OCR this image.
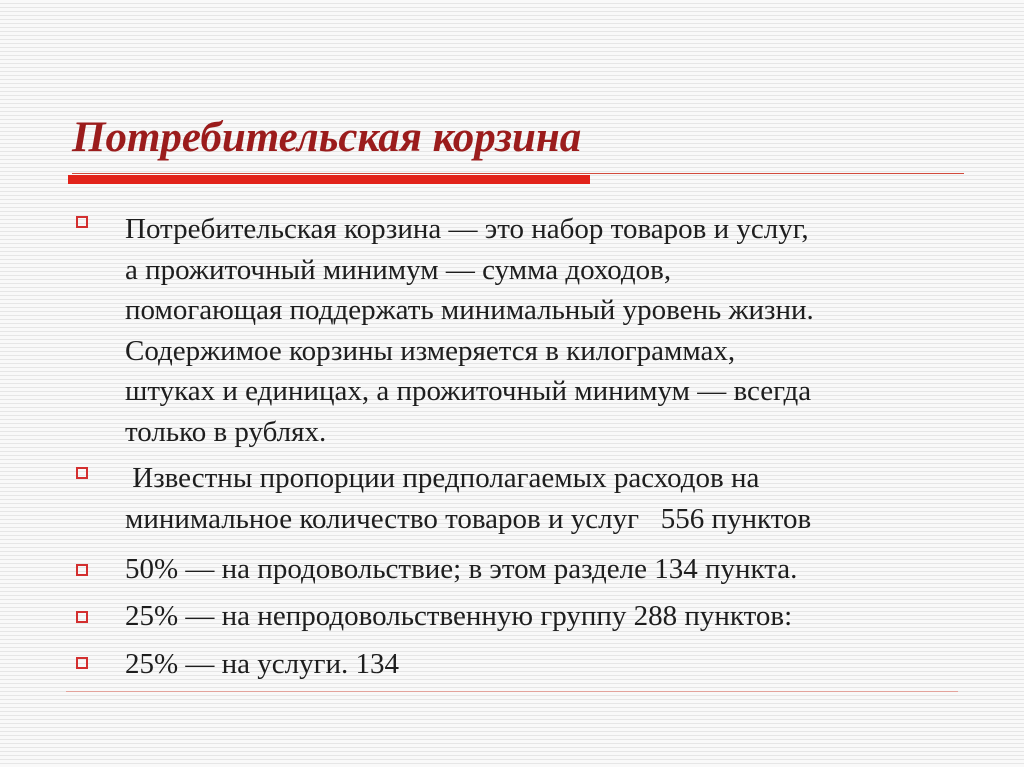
Потребительская корзина

Потребительская корзина — это набор товаров и услуг,
а прожиточный минимум — сумма доходов,
помогающая поддержать минимальный уровень жизни.
Содержимое корзины измеряется в килограммах,
штуках и единицах, а прожиточный минимум — всегда
только в рублях.

Известны пропорции предполагаемых расходов на
минимальное количество товаров и услуг   556 пунктов

50% — на продовольствие; в этом разделе 134 пункта.

25% — на непродовольственную группу 288 пунктов:

25% — на услуги. 134
